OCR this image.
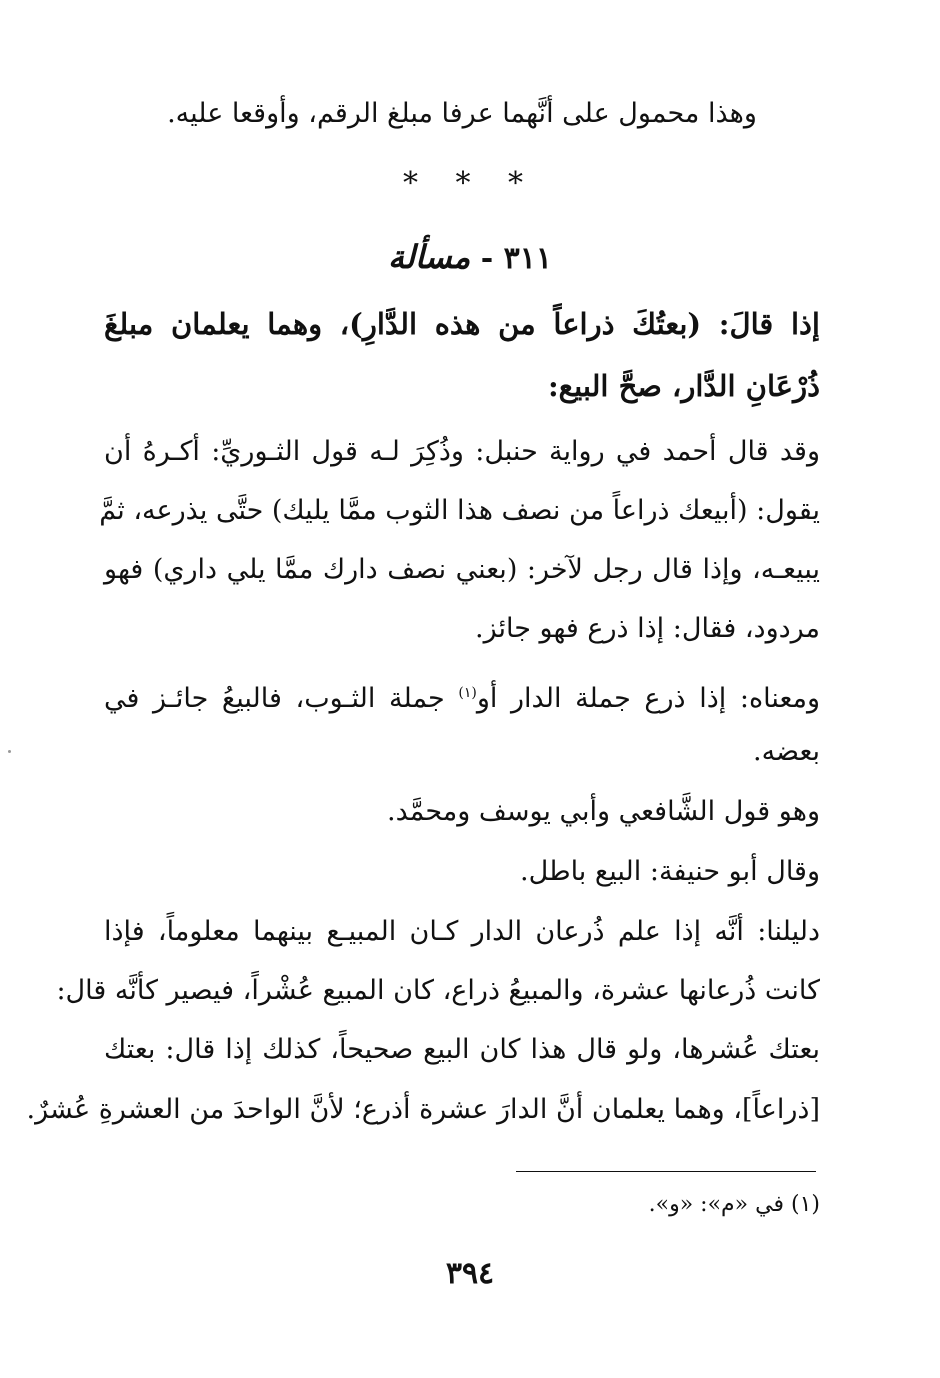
وهذا محمول على أنَّهما عرفا مبلغ الرقم، وأوقعا عليه.
* * *
٣١١ - مسألة
إذا قالَ: (بعتُكَ ذراعاً من هذه الدَّارِ)، وهما يعلمان مبلغَ
ذُرْعَانِ الدَّار، صحَّ البيع:
وقد قال أحمد في رواية حنبل: وذُكِرَ لـه قول الثـوريِّ: أكـرهُ أن
يقول: (أبيعك ذراعاً من نصف هذا الثوب ممَّا يليك) حتَّى يذرعه، ثمَّ
يبيعـه، وإذا قال رجل لآخر: (بعني نصف دارك ممَّا يلي داري) فهو
مردود، فقال: إذا ذرع فهو جائز.
ومعناه: إذا ذرع جملة الدار أو$^{(١)}$ جملة الثـوب، فالبيعُ جائـز في
بعضه.
وهو قول الشَّافعي وأبي يوسف ومحمَّد.
وقال أبو حنيفة: البيع باطل.
دليلنا: أنَّه إذا علم ذُرعان الدار كـان المبيـع بينهما معلوماً، فإذا
كانت ذُرعانها عشرة، والمبيعُ ذراع، كان المبيع عُشْراً، فيصير كأنَّه قال:
بعتك عُشرها، ولو قال هذا كان البيع صحيحاً، كذلك إذا قال: بعتك
[ذراعاً]، وهما يعلمان أنَّ الدارَ عشرة أذرع؛ لأنَّ الواحدَ من العشرةِ عُشرٌ.
(١) في «م»: «و».
٣٩٤
